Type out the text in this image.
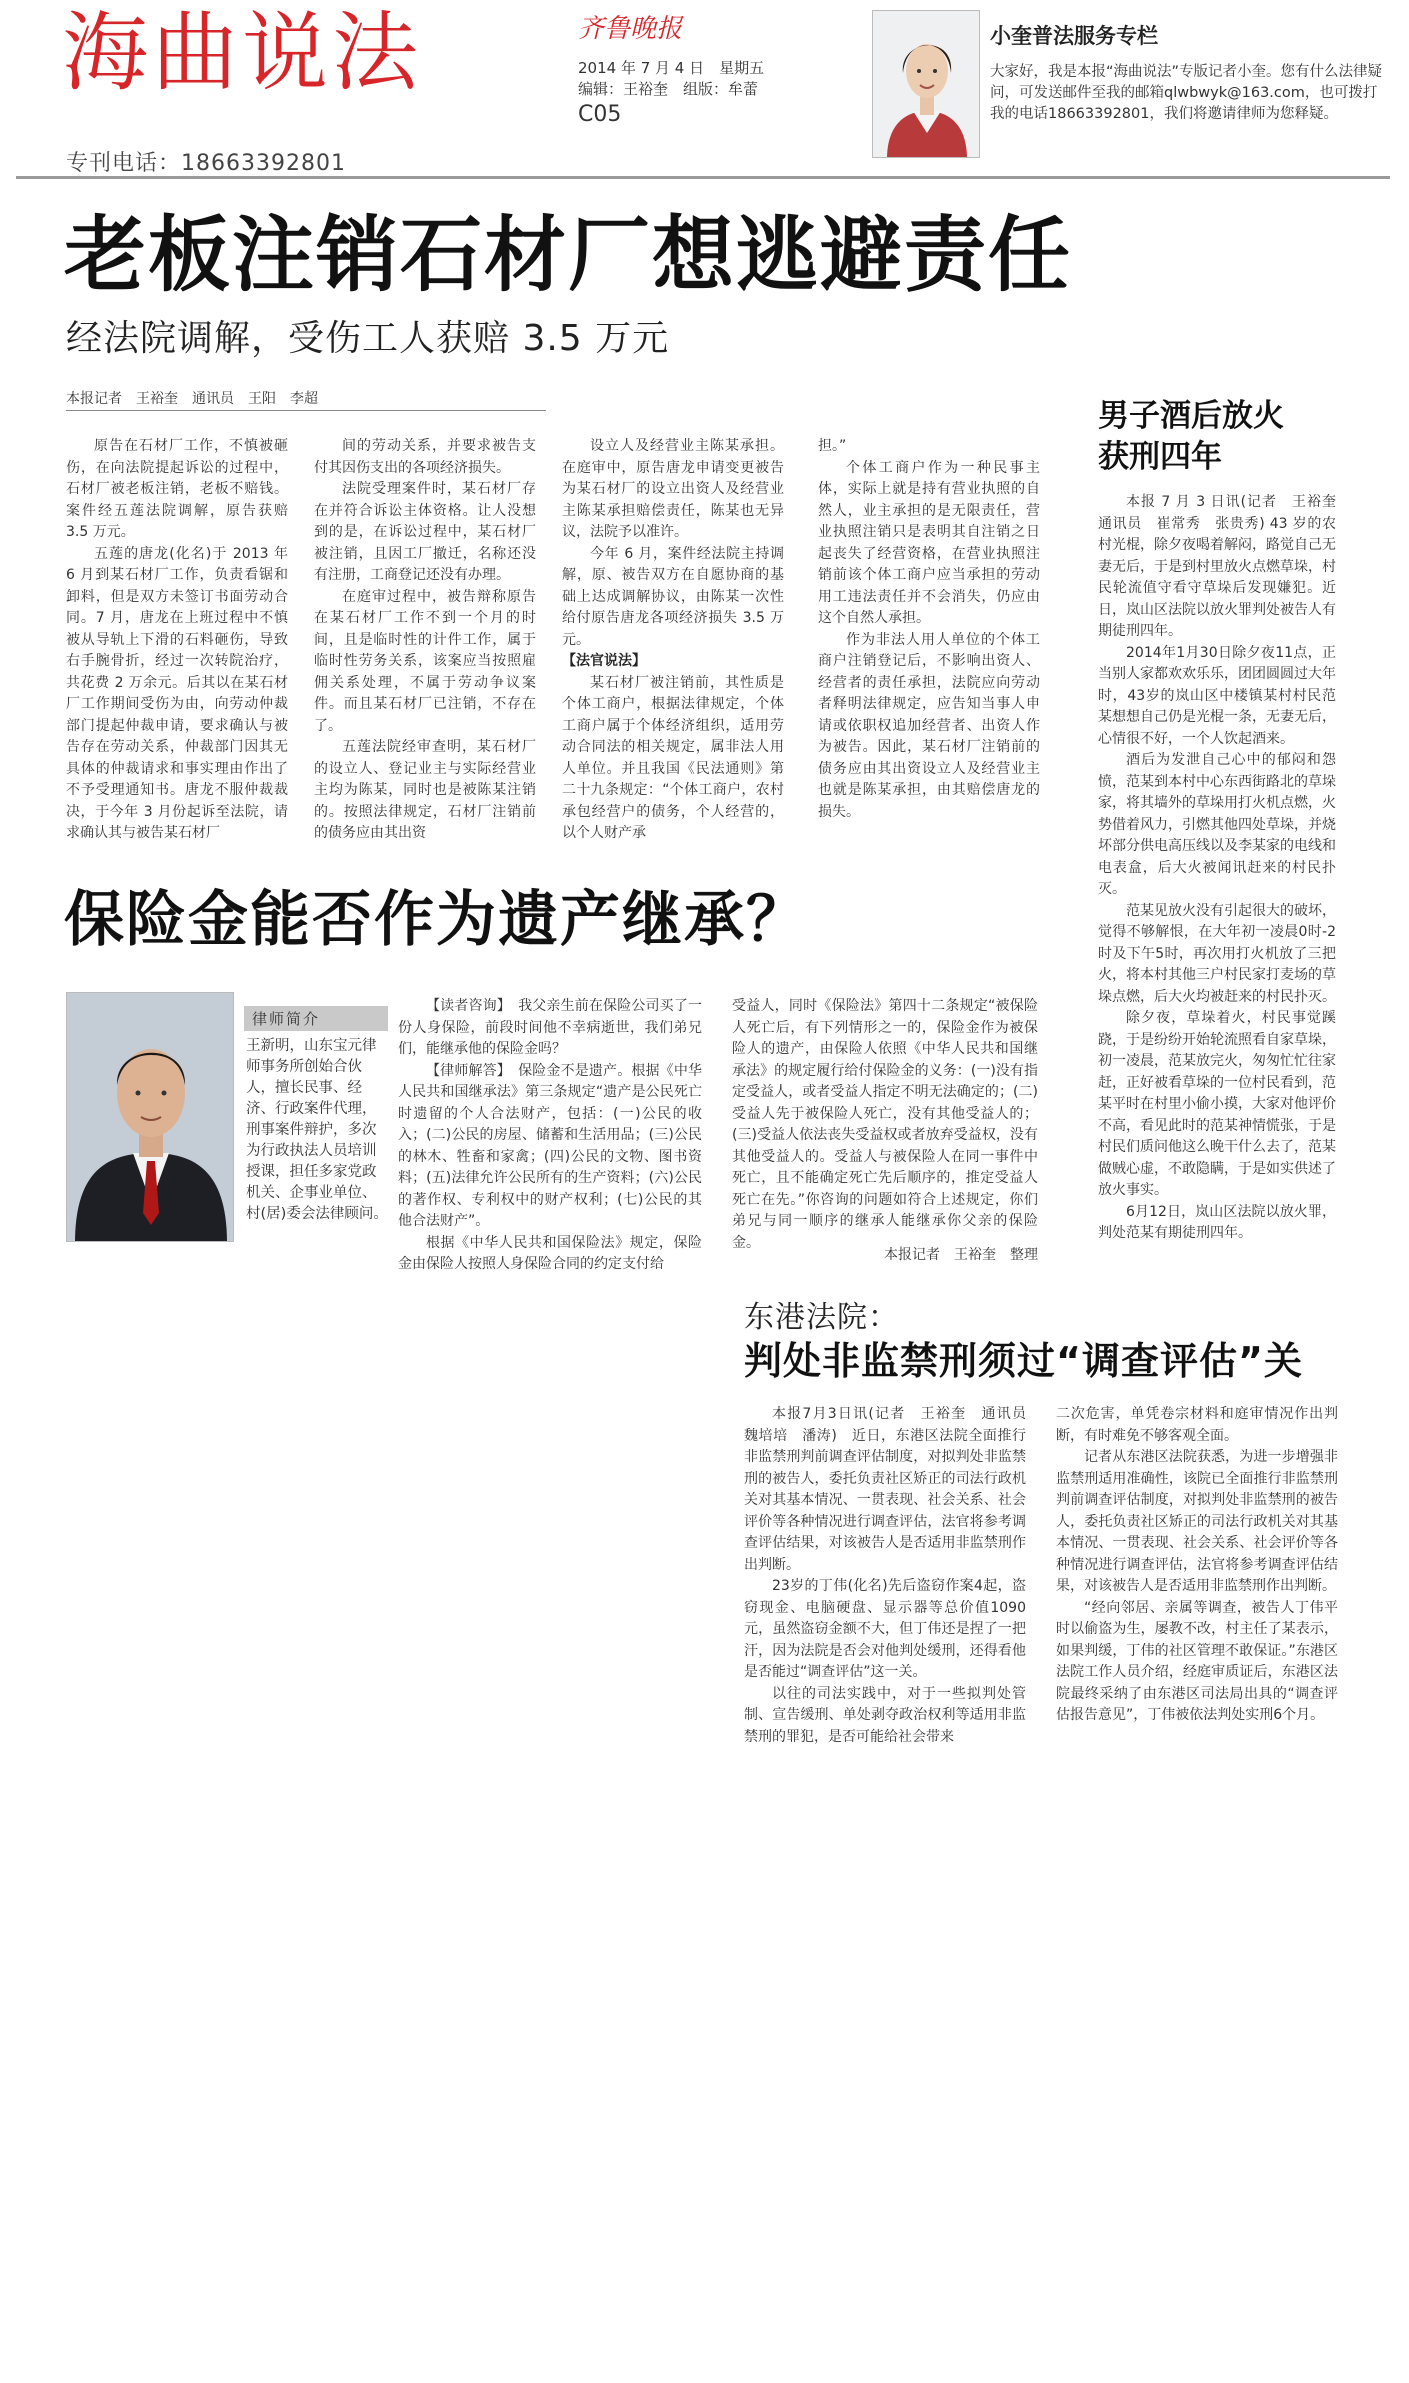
海曲说法	齐鲁晚报
2014 年 7 月 4 日　星期五
编辑：王裕奎　组版：牟蕾
C05
专刊电话：18663392801
小奎普法服务专栏
大家好，我是本报“海曲说法”专版记者小奎。您有什么法律疑问，可发送邮件至我的邮箱qlwbwyk@163.com，也可拨打我的电话18663392801，我们将邀请律师为您释疑。
老板注销石材厂想逃避责任
经法院调解，受伤工人获赔 3.5 万元
本报记者　王裕奎　通讯员　王阳　李超

原告在石材厂工作，不慎被砸伤，在向法院提起诉讼的过程中，石材厂被老板注销，老板不赔钱。案件经五莲法院调解，原告获赔 3.5 万元。

五莲的唐龙(化名)于 2013 年 6 月到某石材厂工作，负责看锯和卸料，但是双方未签订书面劳动合同。7 月，唐龙在上班过程中不慎被从导轨上下滑的石料砸伤，导致右手腕骨折，经过一次转院治疗，共花费 2 万余元。后其以在某石材厂工作期间受伤为由，向劳动仲裁部门提起仲裁申请，要求确认与被告存在劳动关系，仲裁部门因其无具体的仲裁请求和事实理由作出了不予受理通知书。唐龙不服仲裁裁决，于今年 3 月份起诉至法院，请求确认其与被告某石材厂

间的劳动关系，并要求被告支付其因伤支出的各项经济损失。

法院受理案件时，某石材厂存在并符合诉讼主体资格。让人没想到的是，在诉讼过程中，某石材厂被注销，且因工厂撤迁，名称还没有注册，工商登记还没有办理。

在庭审过程中，被告辩称原告在某石材厂工作不到一个月的时间，且是临时性的计件工作，属于临时性劳务关系，该案应当按照雇佣关系处理，不属于劳动争议案件。而且某石材厂已注销，不存在了。

五莲法院经审查明，某石材厂的设立人、登记业主与实际经营业主均为陈某，同时也是被陈某注销的。按照法律规定，石材厂注销前的债务应由其出资

设立人及经营业主陈某承担。在庭审中，原告唐龙申请变更被告为某石材厂的设立出资人及经营业主陈某承担赔偿责任，陈某也无异议，法院予以准许。

今年 6 月，案件经法院主持调解，原、被告双方在自愿协商的基础上达成调解协议，由陈某一次性给付原告唐龙各项经济损失 3.5 万元。

【法官说法】

某石材厂被注销前，其性质是个体工商户，根据法律规定，个体工商户属于个体经济组织，适用劳动合同法的相关规定，属非法人用人单位。并且我国《民法通则》第二十九条规定：“个体工商户，农村承包经营户的债务，个人经营的，以个人财产承

担。”

个体工商户作为一种民事主体，实际上就是持有营业执照的自然人，业主承担的是无限责任，营业执照注销只是表明其自注销之日起丧失了经营资格，在营业执照注销前该个体工商户应当承担的劳动用工违法责任并不会消失，仍应由这个自然人承担。

作为非法人用人单位的个体工商户注销登记后，不影响出资人、经营者的责任承担，法院应向劳动者释明法律规定，应告知当事人申请或依职权追加经营者、出资人作为被告。因此，某石材厂注销前的债务应由其出资设立人及经营业主也就是陈某承担，由其赔偿唐龙的损失。

男子酒后放火
获刑四年

本报 7 月 3 日讯(记者　王裕奎　通讯员　崔常秀　张贵秀) 43 岁的农村光棍，除夕夜喝着解闷，路觉自己无妻无后，于是到村里放火点燃草垛，村民轮流值守看守草垛后发现嫌犯。近日，岚山区法院以放火罪判处被告人有期徒刑四年。

2014年1月30日除夕夜11点，正当别人家都欢欢乐乐，团团圆圆过大年时，43岁的岚山区中楼镇某村村民范某想想自己仍是光棍一条，无妻无后，心情很不好，一个人饮起酒来。

酒后为发泄自己心中的郁闷和怨愤，范某到本村中心东西街路北的草垛家，将其墙外的草垛用打火机点燃，火势借着风力，引燃其他四处草垛，并烧坏部分供电高压线以及李某家的电线和电表盒，后大火被闻讯赶来的村民扑灭。

范某见放火没有引起很大的破坏，觉得不够解恨，在大年初一凌晨0时-2时及下午5时，再次用打火机放了三把火，将本村其他三户村民家打麦场的草垛点燃，后大火均被赶来的村民扑灭。

除夕夜，草垛着火，村民事觉蹊跷，于是纷纷开始轮流照看自家草垛，初一凌晨，范某放完火，匆匆忙忙往家赶，正好被看草垛的一位村民看到，范某平时在村里小偷小摸，大家对他评价不高，看见此时的范某神情慌张，于是村民们质问他这么晚干什么去了，范某做贼心虚，不敢隐瞒，于是如实供述了放火事实。

6月12日，岚山区法院以放火罪，判处范某有期徒刑四年。

保险金能否作为遗产继承？
律师简介
王新明，山东宝元律师事务所创始合伙人，擅长民事、经济、行政案件代理，刑事案件辩护，多次为行政执法人员培训授课，担任多家党政机关、企事业单位、村(居)委会法律顾问。

【读者咨询】　我父亲生前在保险公司买了一份人身保险，前段时间他不幸病逝世，我们弟兄们，能继承他的保险金吗？

【律师解答】　保险金不是遗产。根据《中华人民共和国继承法》第三条规定“遗产是公民死亡时遗留的个人合法财产，包括：(一)公民的收入；(二)公民的房屋、储蓄和生活用品；(三)公民的林木、牲畜和家禽；(四)公民的文物、图书资料；(五)法律允许公民所有的生产资料；(六)公民的著作权、专利权中的财产权利；(七)公民的其他合法财产”。

根据《中华人民共和国保险法》规定，保险金由保险人按照人身保险合同的约定支付给

受益人，同时《保险法》第四十二条规定“被保险人死亡后，有下列情形之一的，保险金作为被保险人的遗产，由保险人依照《中华人民共和国继承法》的规定履行给付保险金的义务：(一)没有指定受益人，或者受益人指定不明无法确定的；(二)受益人先于被保险人死亡，没有其他受益人的；(三)受益人依法丧失受益权或者放弃受益权，没有其他受益人的。受益人与被保险人在同一事件中死亡，且不能确定死亡先后顺序的，推定受益人死亡在先。”你咨询的问题如符合上述规定，你们弟兄与同一顺序的继承人能继承你父亲的保险金。

本报记者　王裕奎　整理
东港法院：
判处非监禁刑须过“调查评估”关

本报7月3日讯(记者　王裕奎　通讯员　魏培培　潘涛)　近日，东港区法院全面推行非监禁刑判前调查评估制度，对拟判处非监禁刑的被告人，委托负责社区矫正的司法行政机关对其基本情况、一贯表现、社会关系、社会评价等各种情况进行调查评估，法官将参考调查评估结果，对该被告人是否适用非监禁刑作出判断。

23岁的丁伟(化名)先后盗窃作案4起，盗窃现金、电脑硬盘、显示器等总价值1090元，虽然盗窃金额不大，但丁伟还是捏了一把汗，因为法院是否会对他判处缓刑，还得看他是否能过“调查评估”这一关。

以往的司法实践中，对于一些拟判处管制、宣告缓刑、单处剥夺政治权利等适用非监禁刑的罪犯，是否可能给社会带来

二次危害，单凭卷宗材料和庭审情况作出判断，有时难免不够客观全面。

记者从东港区法院获悉，为进一步增强非监禁刑适用准确性，该院已全面推行非监禁刑判前调查评估制度，对拟判处非监禁刑的被告人，委托负责社区矫正的司法行政机关对其基本情况、一贯表现、社会关系、社会评价等各种情况进行调查评估，法官将参考调查评估结果，对该被告人是否适用非监禁刑作出判断。

“经向邻居、亲属等调查，被告人丁伟平时以偷盗为生，屡教不改，村主任了某表示，如果判缓，丁伟的社区管理不敢保证。”东港区法院工作人员介绍，经庭审质证后，东港区法院最终采纳了由东港区司法局出具的“调查评估报告意见”，丁伟被依法判处实刑6个月。
